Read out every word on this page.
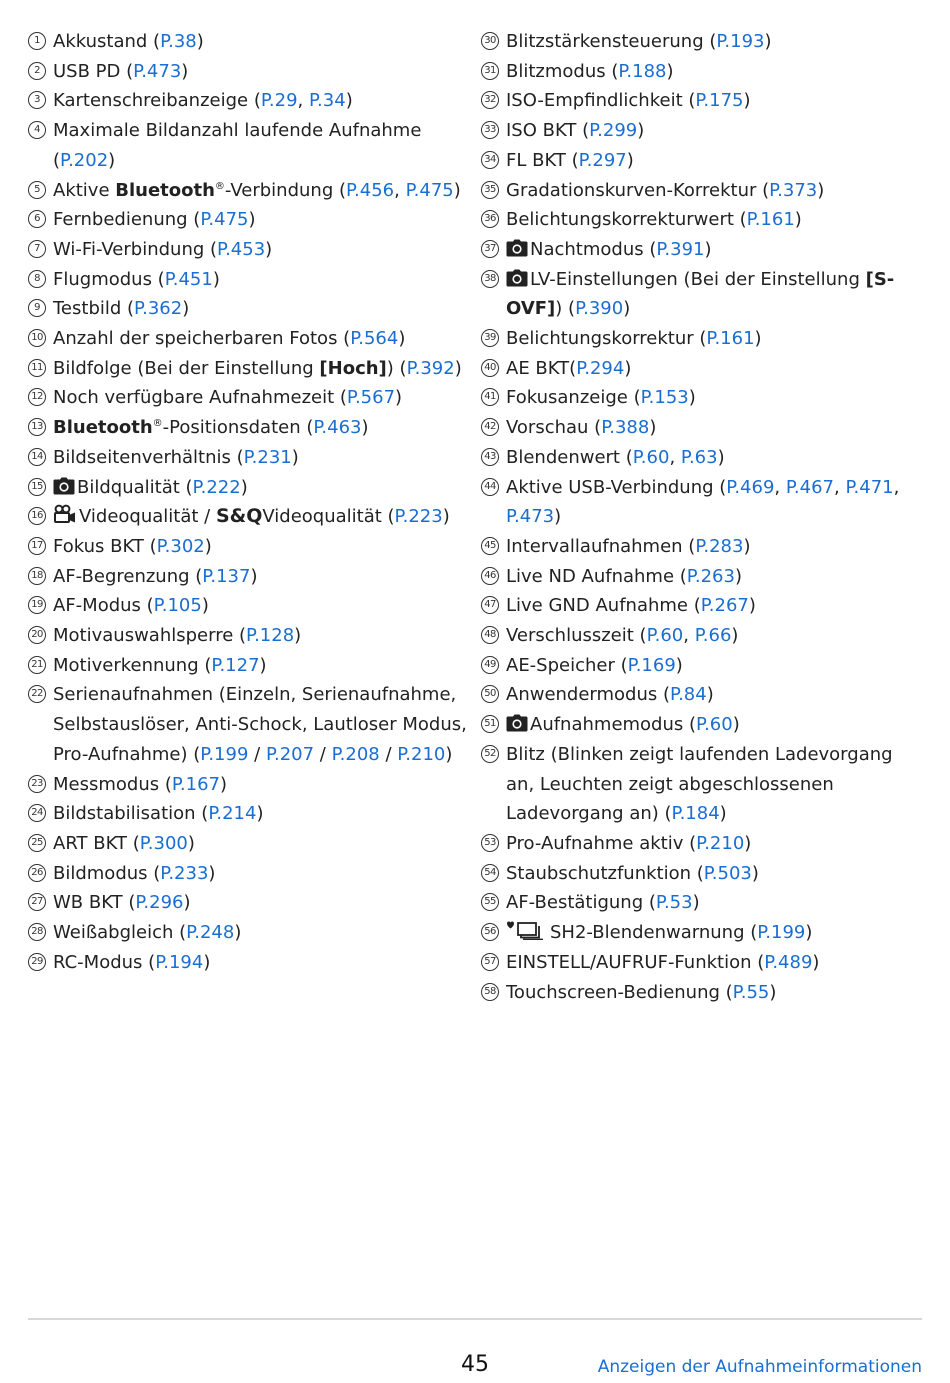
1 Akkustand (P.38)
2 USB PD (P.473)
3 Kartenschreibanzeige (P.29, P.34)
4 Maximale Bildanzahl laufende Aufnahme (P.202)
5 Aktive Bluetooth®-Verbindung (P.456, P.475)
6 Fernbedienung (P.475)
7 Wi-Fi-Verbindung (P.453)
8 Flugmodus (P.451)
9 Testbild (P.362)
10 Anzahl der speicherbaren Fotos (P.564)
11 Bildfolge (Bei der Einstellung [Hoch]) (P.392)
12 Noch verfügbare Aufnahmezeit (P.567)
13 Bluetooth®-Positionsdaten (P.463)
14 Bildseitenverhältnis (P.231)
15 Bildqualität (P.222)
16 Videoqualität / S&QVideoqualität (P.223)
17 Fokus BKT (P.302)
18 AF-Begrenzung (P.137)
19 AF-Modus (P.105)
20 Motivauswahlsperre (P.128)
21 Motiverkennung (P.127)
22 Serienaufnahmen (Einzeln, Serienaufnahme, Selbstauslöser, Anti-Schock, Lautloser Modus, Pro-Aufnahme) (P.199 / P.207 / P.208 / P.210)
23 Messmodus (P.167)
24 Bildstabilisation (P.214)
25 ART BKT (P.300)
26 Bildmodus (P.233)
27 WB BKT (P.296)
28 Weißabgleich (P.248)
29 RC-Modus (P.194)
30 Blitzstärkensteuerung (P.193)
31 Blitzmodus (P.188)
32 ISO-Empfindlichkeit (P.175)
33 ISO BKT (P.299)
34 FL BKT (P.297)
35 Gradationskurven-Korrektur (P.373)
36 Belichtungskorrekturwert (P.161)
37 Nachtmodus (P.391)
38 LV-Einstellungen (Bei der Einstellung [S-OVF]) (P.390)
39 Belichtungskorrektur (P.161)
40 AE BKT(P.294)
41 Fokusanzeige (P.153)
42 Vorschau (P.388)
43 Blendenwert (P.60, P.63)
44 Aktive USB-Verbindung (P.469, P.467, P.471, P.473)
45 Intervallaufnahmen (P.283)
46 Live ND Aufnahme (P.263)
47 Live GND Aufnahme (P.267)
48 Verschlusszeit (P.60, P.66)
49 AE-Speicher (P.169)
50 Anwendermodus (P.84)
51 Aufnahmemodus (P.60)
52 Blitz (Blinken zeigt laufenden Ladevorgang an, Leuchten zeigt abgeschlossenen Ladevorgang an) (P.184)
53 Pro-Aufnahme aktiv (P.210)
54 Staubschutzfunktion (P.503)
55 AF-Bestätigung (P.53)
56	SH2-Blendenwarnung (P.199)
57 EINSTELL/AUFRUF-Funktion (P.489)
58 Touchscreen-Bedienung (P.55)
45	Anzeigen der Aufnahmeinformationen
